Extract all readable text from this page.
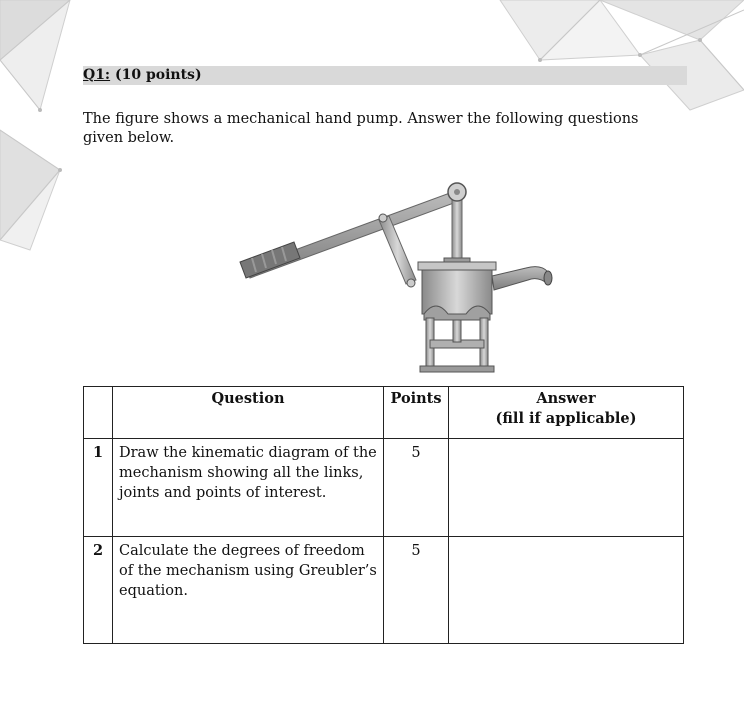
Q1: (10 points)
The figure shows a mechanical hand pump. Answer the following questions given below.
	Question	Points	Answer
(fill if applicable)

1	Draw the kinematic diagram of the mechanism showing all the links, joints and points of interest.	5	
2	Calculate the degrees of freedom of the mechanism using Greubler’s equation.	5	
